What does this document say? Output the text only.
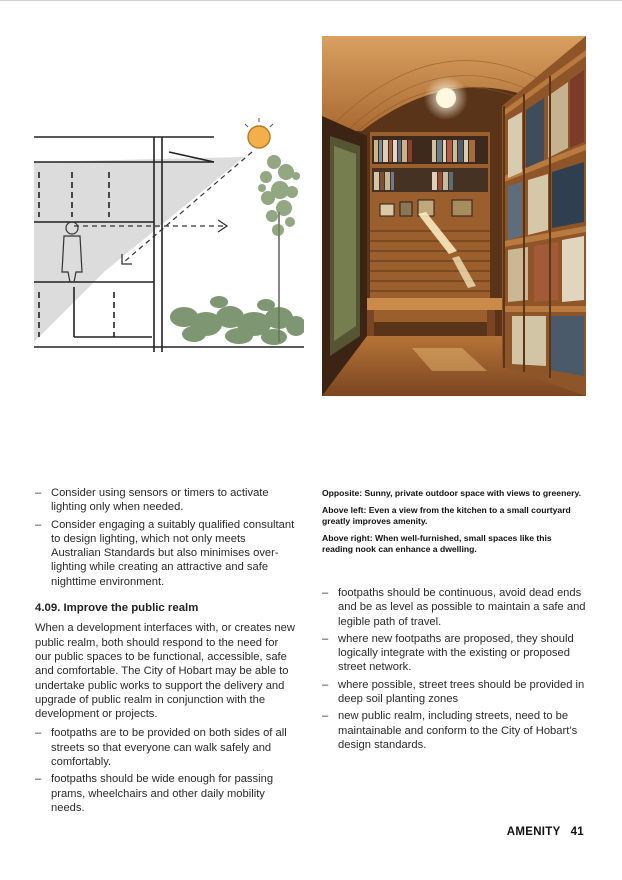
– Consider using sensors or timers to activate lighting only when needed.
– Consider engaging a suitably qualified consultant to design lighting, which not only meets Australian Standards but also minimises over-lighting while creating an attractive and safe nighttime environment.
4.09. Improve the public realm

When a development interfaces with, or creates new public realm, both should respond to the need for our public spaces to be functional, accessible, safe and comfortable. The City of Hobart may be able to undertake public works to support the delivery and upgrade of public realm in conjunction with the development or projects.

– footpaths are to be provided on both sides of all streets so that everyone can walk safely and comfortably.
– footpaths should be wide enough for passing prams, wheelchairs and other daily mobility needs.

Opposite: Sunny, private outdoor space with views to greenery.

Above left: Even a view from the kitchen to a small courtyard greatly improves amenity.

Above right: When well-furnished, small spaces like this reading nook can enhance a dwelling.

– footpaths should be continuous, avoid dead ends and be as level as possible to maintain a safe and legible path of travel.
– where new footpaths are proposed, they should logically integrate with the existing or proposed street network.
– where possible, street trees should be provided in deep soil planting zones
– new public realm, including streets, need to be maintainable and conform to the City of Hobart’s design standards.
AMENITY 41
